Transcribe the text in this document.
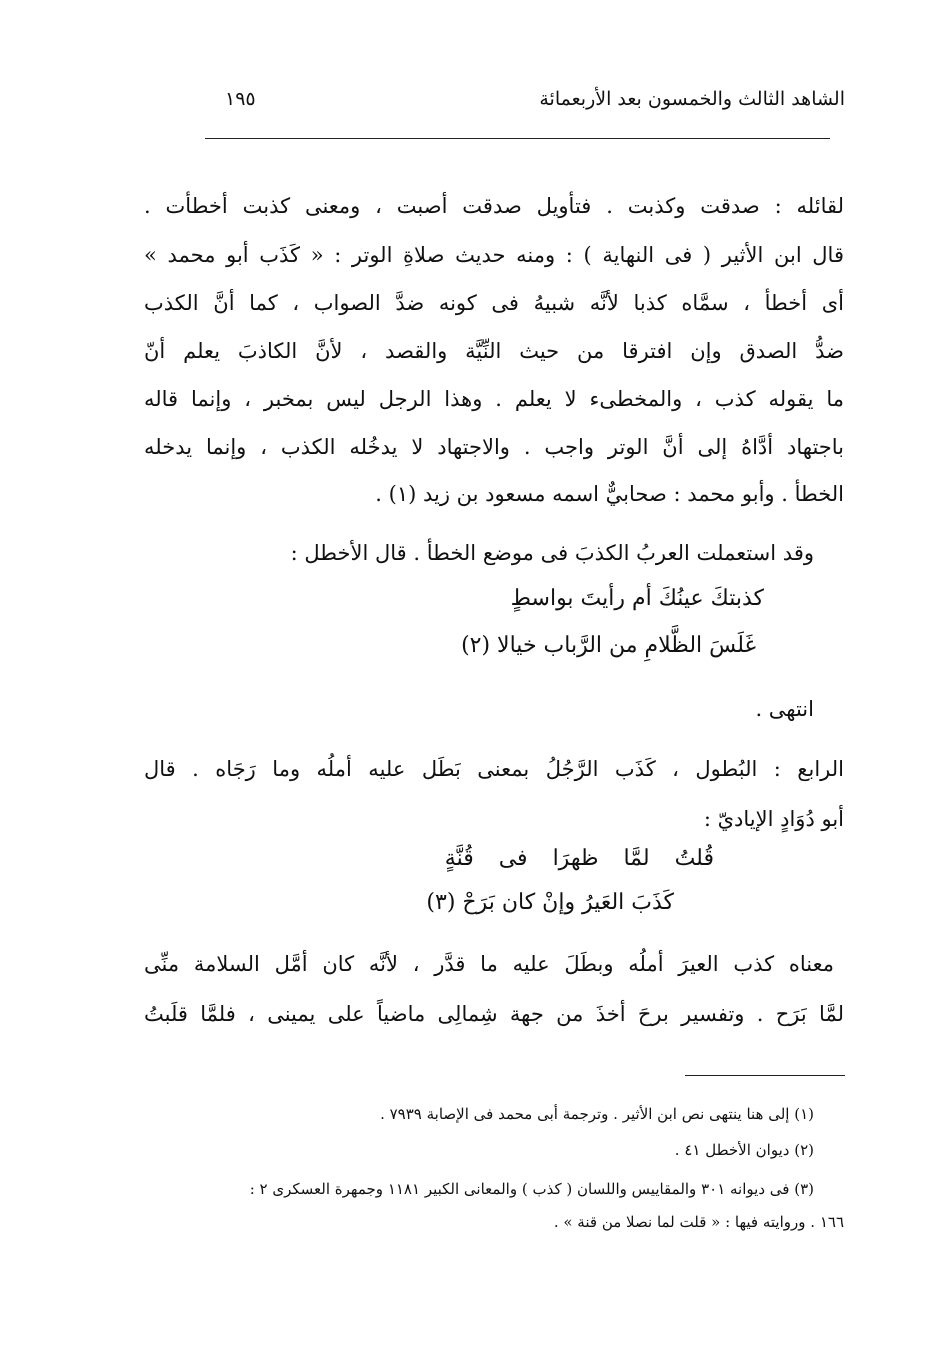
الشاهد الثالث والخمسون بعد الأربعمائة
١٩٥
لقائله : صدقت وكذبت . فتأويل صدقت أصبت ، ومعنى كذبت أخطأت .
قال ابن الأثير ( فى النهاية ) : ومنه حديث صلاةِ الوتر : « كَذَب أبو محمد »
أى أخطأ ، سمَّاه كذبا لأنَّه شبيهُ فى كونه ضدَّ الصواب ، كما أنَّ الكذب
ضدُّ الصدق وإن افترقا من حيث النِّيَّة والقصد ، لأنَّ الكاذبَ يعلم أنّ
ما يقوله كذب ، والمخطىء لا يعلم . وهذا الرجل ليس بمخبر ، وإنما قاله
باجتهاد أدَّاهُ إلى أنَّ الوتر واجب . والاجتهاد لا يدخُله الكذب ، وإنما يدخله
الخطأ . وأبو محمد : صحابيٌّ اسمه مسعود بن زيد (١) .
وقد استعملت العربُ الكذبَ فى موضع الخطأ . قال الأخطل :
كذبتكَ عينُكَ أم رأيتَ بواسطٍ
غَلَسَ الظَّلامِ من الرَّباب خيالا (٢)
انتهى .
الرابع : البُطول ، كَذَب الرَّجُلُ بمعنى بَطَل عليه أملُه وما رَجَاه . قال
أبو دُوَادٍ الإياديّ :
قُلتُ لمَّا ظهرَا فى قُنَّةٍ
كَذَبَ العَيرُ وإنْ كان بَرَحْ (٣)
معناه كذب العيرَ أملُه وبطَلَ عليه ما قدَّر ، لأنَّه كان أمَّل السلامة منِّى
لمَّا بَرَح . وتفسير برحَ أخذَ من جهة شِمالِى ماضياً على يمينى ، فلمَّا قلَبتُ
(١) إلى هنا ينتهى نص ابن الأثير . وترجمة أبى محمد فى الإصابة ٧٩٣٩ .
(٢) ديوان الأخطل ٤١ .
(٣) فى ديوانه ٣٠١ والمقاييس واللسان ( كذب ) والمعانى الكبير ١١٨١ وجمهرة العسكرى ٢ :
١٦٦ . وروايته فيها : « قلت لما نصلا من قنة » .
